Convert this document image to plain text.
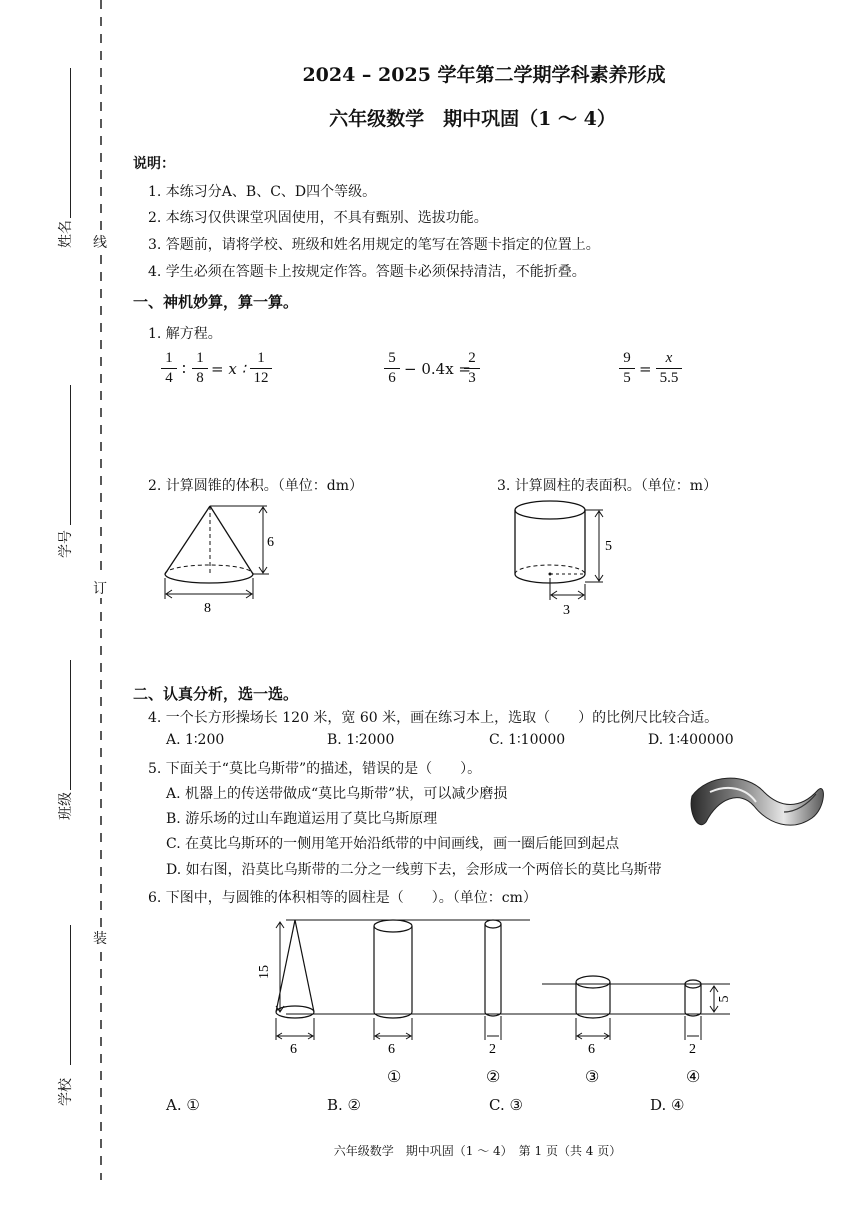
线
订
装
姓名
学号
班级
学校
2024 – 2025 学年第二学期学科素养形成
六年级数学　期中巩固（1 ～ 4）
说明：
1. 本练习分A、B、C、D四个等级。
2. 本练习仅供课堂巩固使用，不具有甄别、选拔功能。
3. 答题前，请将学校、班级和姓名用规定的笔写在答题卡指定的位置上。
4. 学生必须在答题卡上按规定作答。答题卡必须保持清洁，不能折叠。
一、神机妙算，算一算。
1. 解方程。
1
4 ∶
1
8 = x ∶
1
12
5
6 − 0.4x =
2
3
9
5 =
x
5.5
2. 计算圆锥的体积。（单位：dm）	3. 计算圆柱的表面积。（单位：m）
6
8
5
3
二、认真分析，选一选。
4. 一个长方形操场长 120 米，宽 60 米，画在练习本上，选取（　　）的比例尺比较合适。
A. 1∶200	B. 1∶2000	C. 1∶10000	D. 1∶400000
5. 下面关于“莫比乌斯带”的描述，错误的是（　　）。
A. 机器上的传送带做成“莫比乌斯带”状，可以减少磨损
B. 游乐场的过山车跑道运用了莫比乌斯原理
C. 在莫比乌斯环的一侧用笔开始沿纸带的中间画线，画一圈后能回到起点
D. 如右图，沿莫比乌斯带的二分之一线剪下去，会形成一个两倍长的莫比乌斯带
6. 下图中，与圆锥的体积相等的圆柱是（　　）。（单位：cm）
15
6	6
①
2
②
6
③
2
④
5
A. ①	B. ②	C. ③	D. ④
六年级数学　期中巩固（1 ～ 4）　第 1 页（共 4 页）
